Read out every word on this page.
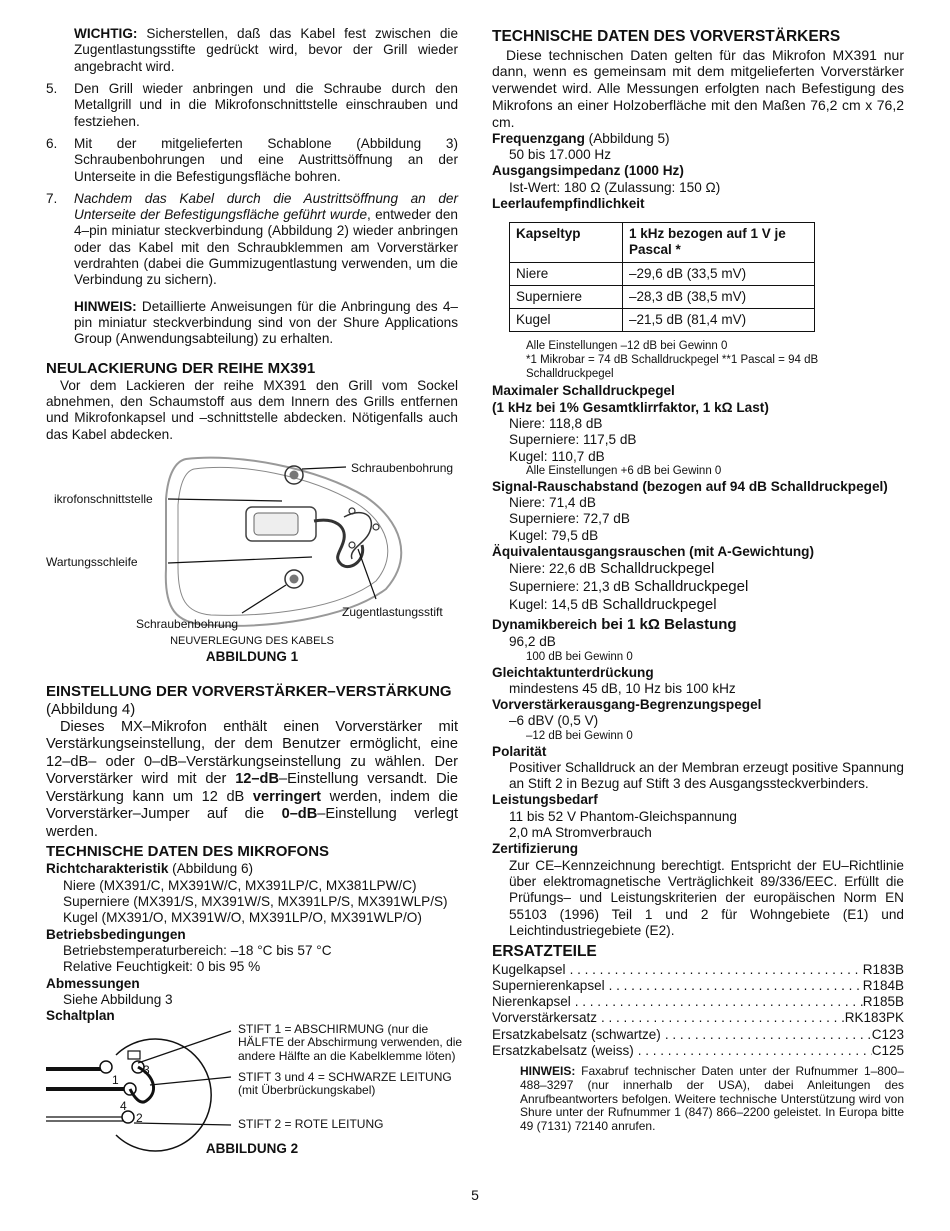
WICHTIG: Sicherstellen, daß das Kabel fest zwischen die Zugentlastungsstifte gedrückt wird, bevor der Grill wieder angebracht wird.

5.	Den Grill wieder anbringen und die Schraube durch den Metallgrill und in die Mikrofonschnittstelle einschrauben und festziehen.
6.	Mit der mitgelieferten Schablone (Abbildung 3) Schraubenbohrungen und eine Austrittsöffnung an der Unterseite in die Befestigungsfläche bohren.
7.	Nachdem das Kabel durch die Austrittsöffnung an der Unterseite der Befestigungsfläche geführt wurde, entweder den 4–pin miniatur steckverbindung (Abbildung 2) wieder anbringen oder das Kabel mit den Schraubklemmen am Vorverstärker verdrahten (dabei die Gummizugentlastung verwenden, um die Verbindung zu sichern).

HINWEIS: Detaillierte Anweisungen für die Anbringung des 4–pin miniatur steckverbindung sind von der Shure Applications Group (Anwendungsabteilung) zu erhalten.

NEULACKIERUNG DER REIHE MX391

Vor dem Lackieren der reihe MX391 den Grill vom Sockel abnehmen, den Schaumstoff aus dem Innern des Grills entfernen und Mikrofonkapsel und –schnittstelle abdecken. Nötigenfalls auch das Kabel abdecken.

Schraubenbohrung
ikrofonschnittstelle
Wartungsschleife
Zugentlastungsstift
Schraubenbohrung
NEUVERLEGUNG DES KABELS
ABBILDUNG 1

EINSTELLUNG DER VORVERSTÄRKER–VERSTÄRKUNG (Abbildung 4)

Dieses MX–Mikrofon enthält einen Vorverstärker mit Verstärkungseinstellung, der dem Benutzer ermöglicht, eine 12–dB– oder 0–dB–Verstärkungseinstellung zu wählen. Der Vorverstärker wird mit der 12–dB–Einstellung versandt. Die Verstärkung kann um 12 dB verringert werden, indem die Vorverstärker–Jumper auf die 0–dB–Einstellung verlegt werden.

TECHNISCHE DATEN DES MIKROFONS

Richtcharakteristik (Abbildung 6)

Niere (MX391/C, MX391W/C, MX391LP/C, MX381LPW/C)

Superniere (MX391/S, MX391W/S, MX391LP/S, MX391WLP/S)

Kugel (MX391/O, MX391W/O, MX391LP/O, MX391WLP/O)

Betriebsbedingungen

Betriebstemperaturbereich: –18 °C bis 57 °C

Relative Feuchtigkeit: 0 bis 95 %

Abmessungen

Siehe Abbildung 3

Schaltplan

1
3
4
2
STIFT 1 = ABSCHIRMUNG (nur die HÄLFTE der Abschirmung verwenden, die andere Hälfte an die Kabelklemme löten)
STIFT 3 und 4 = SCHWARZE LEITUNG (mit Überbrückungskabel)
STIFT 2 = ROTE LEITUNG
ABBILDUNG 2

TECHNISCHE DATEN DES VORVERSTÄRKERS

Diese technischen Daten gelten für das Mikrofon MX391 nur dann, wenn es gemeinsam mit dem mitgelieferten Vorverstärker verwendet wird. Alle Messungen erfolgten nach Befestigung des Mikrofons an einer Holzoberfläche mit den Maßen 76,2 cm x 76,2 cm.

Frequenzgang (Abbildung 5)

50 bis 17.000 Hz

Ausgangsimpedanz (1000 Hz)

Ist-Wert: 180 Ω (Zulassung: 150 Ω)

Leerlaufempfindlichkeit

Kapseltyp	1 kHz bezogen auf 1 V je Pascal *
Niere	–29,6 dB (33,5 mV)
Superniere	–28,3 dB (38,5 mV)
Kugel	–21,5 dB (81,4 mV)

Alle Einstellungen –12 dB bei Gewinn 0

*1 Mikrobar = 74 dB Schalldruckpegel **1 Pascal = 94 dB Schalldruckpegel

Maximaler Schalldruckpegel

(1 kHz bei 1% Gesamtklirrfaktor, 1 kΩ Last)

Niere: 118,8 dB

Superniere: 117,5 dB

Kugel: 110,7 dB

Alle Einstellungen +6 dB bei Gewinn 0

Signal-Rauschabstand (bezogen auf 94 dB Schalldruckpegel)

Niere: 71,4 dB

Superniere: 72,7 dB

Kugel: 79,5 dB

Äquivalentausgangsrauschen (mit A-Gewichtung)

Niere: 22,6 dB Schalldruckpegel

Superniere: 21,3 dB Schalldruckpegel

Kugel: 14,5 dB Schalldruckpegel

Dynamikbereich bei 1 kΩ Belastung

96,2 dB

100 dB bei Gewinn 0

Gleichtaktunterdrückung

mindestens 45 dB, 10 Hz bis 100 kHz

Vorverstärkerausgang-Begrenzungspegel

–6 dBV (0,5 V)

–12 dB bei Gewinn 0

Polarität

Positiver Schalldruck an der Membran erzeugt positive Spannung an Stift 2 in Bezug auf Stift 3 des Ausgangssteckverbinders.

Leistungsbedarf

11 bis 52 V Phantom-Gleichspannung

2,0 mA Stromverbrauch

Zertifizierung

Zur CE–Kennzeichnung berechtigt. Entspricht der EU–Richtlinie über elektromagnetische Verträglichkeit 89/336/EEC. Erfüllt die Prüfungs– und Leistungskriterien der europäischen Norm EN 55103 (1996) Teil 1 und 2 für Wohngebiete (E1) und Leichtindustriegebiete (E2).

ERSATZTEILE

Kugelkapsel . . .	R183B
Supernierenkapsel . . .	R184B
Nierenkapsel . . .	R185B
Vorverstärkersatz . . .	RK183PK
Ersatzkabelsatz (schwartze) . . .	C123
Ersatzkabelsatz (weiss) . . .	C125

HINWEIS: Faxabruf technischer Daten unter der Rufnummer 1–800–488–3297 (nur innerhalb der USA), dabei Anleitungen des Anrufbeantworters befolgen. Weitere technische Unterstützung wird von Shure unter der Rufnummer 1 (847) 866–2200 geleistet. In Europa bitte 49 (7131) 72140 anrufen.

5
